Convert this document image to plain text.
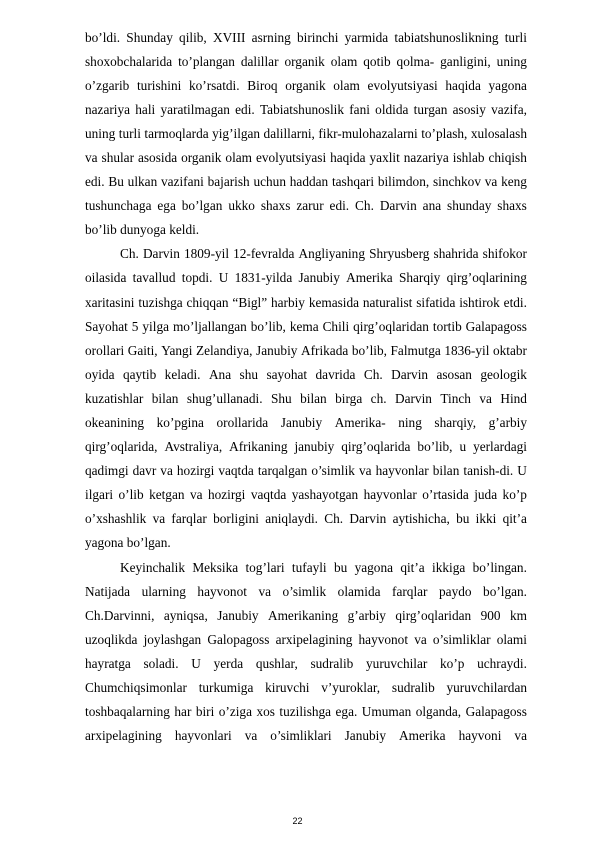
bo’ldi. Shunday qilib, XVIII asrning birinchi yarmida tabiatshunoslikning turli
shoxobchalarida to’plangan dalillar organik olam qotib qolma- ganligini, uning
o’zgarib turishini ko’rsatdi. Biroq organik olam evolyutsiyasi haqida yagona
nazariya hali yaratilmagan edi. Tabiatshunoslik fani oldida turgan asosiy vazifa,
uning turli tarmoqlarda yig’ilgan dalillarni, fikr-mulohazalarni to’plash, xulosalash
va shular asosida organik olam evolyutsiyasi haqida yaxlit nazariya ishlab chiqish
edi. Bu ulkan vazifani bajarish uchun haddan tashqari bilimdon, sinchkov va keng
tushunchaga ega bo’lgan ukko shaxs zarur edi. Ch. Darvin ana shunday shaxs
bo’lib dunyoga keldi.
Ch. Darvin 1809-yil 12-fevralda Angliyaning Shryusberg shahrida shifokor
oilasida tavallud topdi. U 1831-yilda Janubiy Amerika Sharqiy qirg’oqlarining
xaritasini tuzishga chiqqan “Bigl” harbiy kemasida naturalist sifatida ishtirok etdi.
Sayohat 5 yilga mo’ljallangan bo’lib, kema Chili qirg’oqlaridan tortib Galapagoss
orollari Gaiti, Yangi Zelandiya, Janubiy Afrikada bo’lib, Falmutga 1836-yil oktabr
oyida qaytib keladi. Ana shu sayohat davrida Ch. Darvin asosan geologik
kuzatishlar bilan shug’ullanadi. Shu bilan birga ch. Darvin Tinch va Hind
okeanining ko’pgina orollarida Janubiy Amerika- ning sharqiy, g’arbiy
qirg’oqlarida, Avstraliya, Afrikaning janubiy qirg’oqlarida bo’lib, u yerlardagi
qadimgi davr va hozirgi vaqtda tarqalgan o’simlik va hayvonlar bilan tanish-di. U
ilgari o’lib ketgan va hozirgi vaqtda yashayotgan hayvonlar o’rtasida juda ko’p
o’xshashlik va farqlar borligini aniqlaydi. Ch. Darvin aytishicha, bu ikki qit’a
yagona bo’lgan.
Keyinchalik Meksika tog’lari tufayli bu yagona qit’a ikkiga bo’lingan.
Natijada ularning hayvonot va o’simlik olamida farqlar paydo bo’lgan.
Ch.Darvinni, ayniqsa, Janubiy Amerikaning g’arbiy qirg’oqlaridan 900 km
uzoqlikda joylashgan Galopagoss arxipelagining hayvonot va o’simliklar olami
hayratga soladi. U yerda qushlar, sudralib yuruvchilar ko’p uchraydi.
Chumchiqsimonlar turkumiga kiruvchi v’yuroklar, sudralib yuruvchilardan
toshbaqalarning har biri o’ziga xos tuzilishga ega. Umuman olganda, Galapagoss
arxipelagining hayvonlari va o’simliklari Janubiy Amerika hayvoni va
22
